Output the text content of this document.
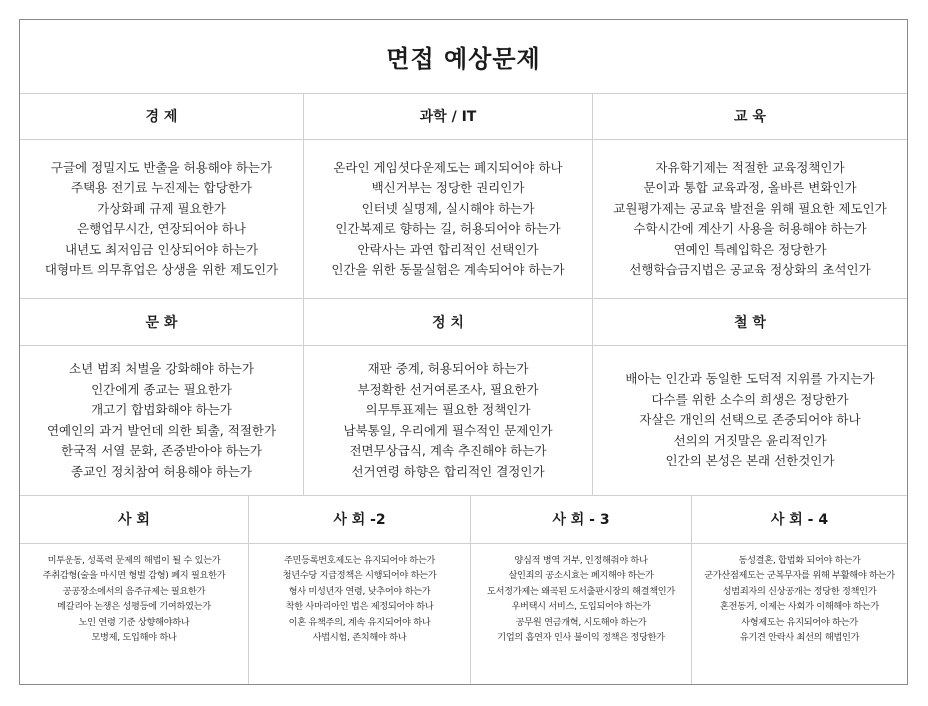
면접 예상문제
경 제
구글에 정밀지도 반출을 허용해야 하는가
주택용 전기료 누진제는 합당한가
가상화폐 규제 필요한가
은행업무시간, 연장되어야 하나
내년도 최저임금 인상되어야 하는가
대형마트 의무휴업은 상생을 위한 제도인가
과학 / IT
온라인 게임셧다운제도는 폐지되어야 하나
백신거부는 정당한 권리인가
인터넷 실명제, 실시해야 하는가
인간복제로 향하는 길, 허용되어야 하는가
안락사는 과연 합리적인 선택인가
인간을 위한 동물실험은 계속되어야 하는가
교 육
자유학기제는 적절한 교육정책인가
문이과 통합 교육과정, 올바른 변화인가
교원평가제는 공교육 발전을 위해 필요한 제도인가
수학시간에 계산기 사용을 허용해야 하는가
연예인 특례입학은 정당한가
선행학습금지법은 공교육 정상화의 초석인가
문 화
소년 범죄 처벌을 강화해야 하는가
인간에게 종교는 필요한가
개고기 합법화해야 하는가
연예인의 과거 발언데 의한 퇴출, 적절한가
한국적 서열 문화, 존중받아야 하는가
종교인 정치참여 허용해야 하는가
정 치
재판 중계, 허용되어야 하는가
부정확한 선거여론조사, 필요한가
의무투표제는 필요한 정책인가
남북통일, 우리에게 필수적인 문제인가
전면무상급식, 계속 추진해야 하는가
선거연령 하향은 합리적인 결정인가
철 학
배아는 인간과 동일한 도덕적 지위를 가지는가
다수를 위한 소수의 희생은 정당한가
자살은 개인의 선택으로 존중되어야 하나
선의의 거짓말은 윤리적인가
인간의 본성은 본래 선한것인가
사 회
미투운동, 성폭력 문제의 해법이 될 수 있는가
주취감형(술을 마시면 형벌 감형) 폐지 필요한가
공공장소에서의 음주규제는 필요한가
메갈리아 논쟁은 성평등에 기여하였는가
노인 연령 기준 상향해야하나
모병제, 도입해야 하나
사 회 -2
주민등록번호제도는 유지되어야 하는가
청년수당 지급정책은 시행되어야 하는가
형사 미성년자 연령, 낮추어야 하는가
착한 사마리아인 법은 제정되어야 하나
이혼 유책주의, 계속 유지되어야 하나
사법시험, 존치해야 하나
사 회 - 3
양심적 병역 거부, 인정해줘야 하나
살인죄의 공소시효는 폐지해야 하는가
도서정가제는 왜곡된 도서출판시장의 해결책인가
우버택시 서비스, 도입되어야 하는가
공무원 연금개혁, 시도해야 하는가
기업의 흡연자 인사 불이익 정책은 정당한가
사 회 - 4
동성결혼, 합법화 되어야 하는가
군가산점제도는 군복무자를 위해 부활해야 하는가
성범죄자의 신상공개는 정당한 정책인가
혼전동거, 이제는 사회가 이해해야 하는가
사형제도는 유지되어야 하는가
유기견 안락사 최선의 해법인가
